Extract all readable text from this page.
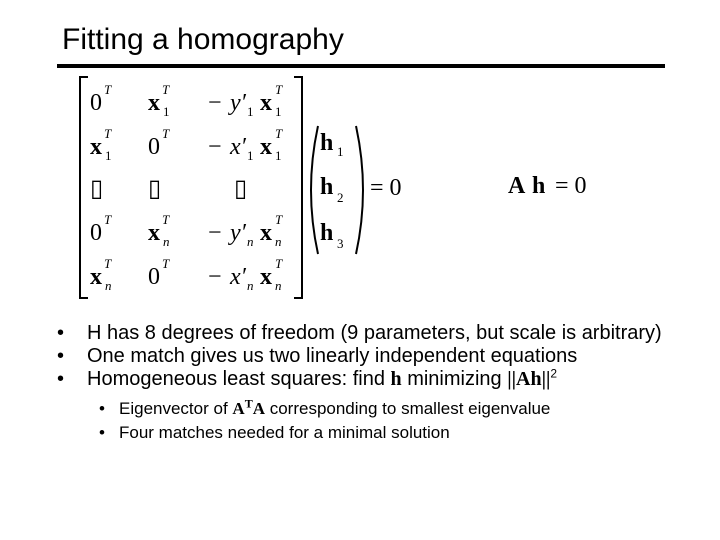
Fitting a homography
0
T
x 1
T
− y′ 1 x 1
T
x 1
T
0
T
− x′ 1 x 1
T
▯ ▯	▯
0
T
x n
T
− y′ n x n
T
x n
T
0
T
− x′ n x n
T
h 1
h 2
h 3
= 0	A h = 0

• H has 8 degrees of freedom (9 parameters, but scale is arbitrary)

• One match gives us two linearly independent equations

• Homogeneous least squares: find h minimizing $||Ah||^2$

• Eigenvector of $A^TA$ corresponding to smallest eigenvalue

• Four matches needed for a minimal solution
